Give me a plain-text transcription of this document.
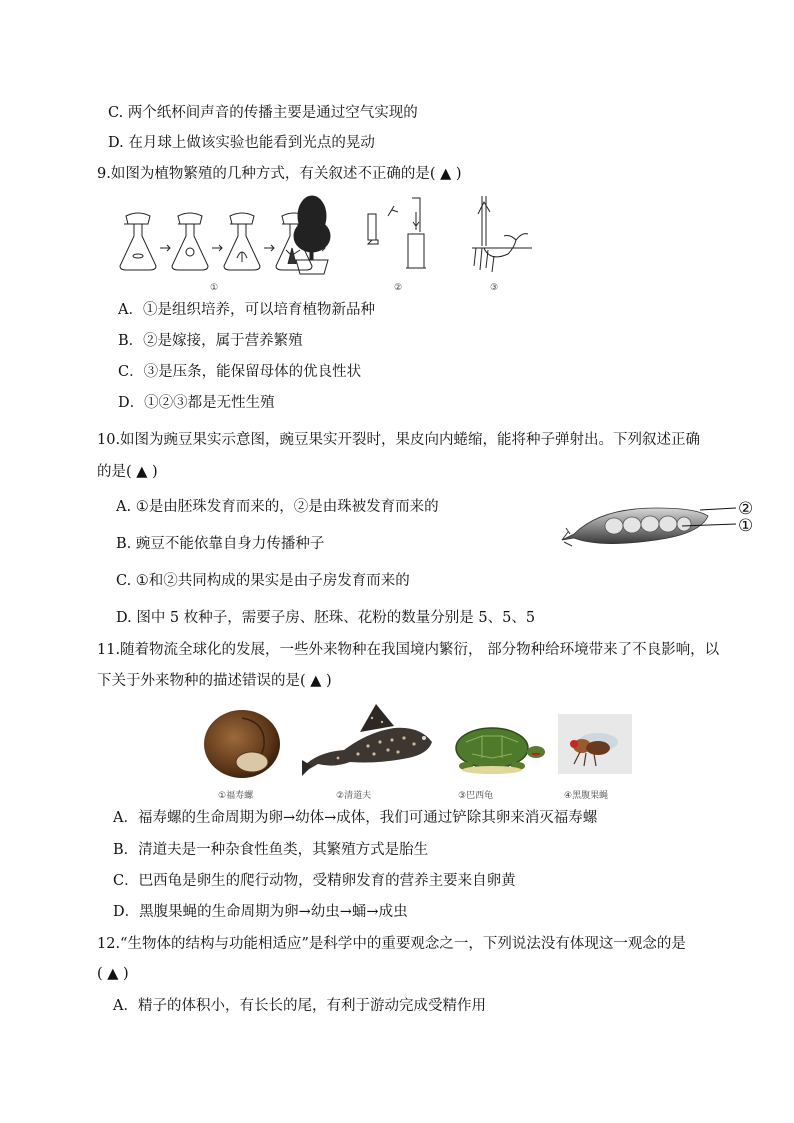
C. 两个纸杯间声音的传播主要是通过空气实现的
D. 在月球上做该实验也能看到光点的晃动
9.如图为植物繁殖的几种方式，有关叙述不正确的是( ▲ )
①	②	③
A．①是组织培养，可以培育植物新品种
B．②是嫁接，属于营养繁殖
C．③是压条，能保留母体的优良性状
D．①②③都是无性生殖
10.如图为豌豆果实示意图，豌豆果实开裂时，果皮向内蜷缩，能将种子弹射出。下列叙述正确
的是( ▲ )
A. ①是由胚珠发育而来的，②是由珠被发育而来的
B. 豌豆不能依靠自身力传播种子
C. ①和②共同构成的果实是由子房发育而来的
D. 图中 5 枚种子，需要子房、胚珠、花粉的数量分别是 5、5、5
②
①
11.随着物流全球化的发展，一些外来物种在我国境内繁衍， 部分物种给环境带来了不良影响，以
下关于外来物种的描述错误的是( ▲ )
①福寿螺	②清道夫	③巴西龟	④黑腹果蝇
A．福寿螺的生命周期为卵→幼体→成体，我们可通过铲除其卵来消灭福寿螺
B．清道夫是一种杂食性鱼类，其繁殖方式是胎生
C．巴西龟是卵生的爬行动物，受精卵发育的营养主要来自卵黄
D．黑腹果蝇的生命周期为卵→幼虫→蛹→成虫
12.“生物体的结构与功能相适应”是科学中的重要观念之一，下列说法没有体现这一观念的是
( ▲ )
A．精子的体积小，有长长的尾，有利于游动完成受精作用
